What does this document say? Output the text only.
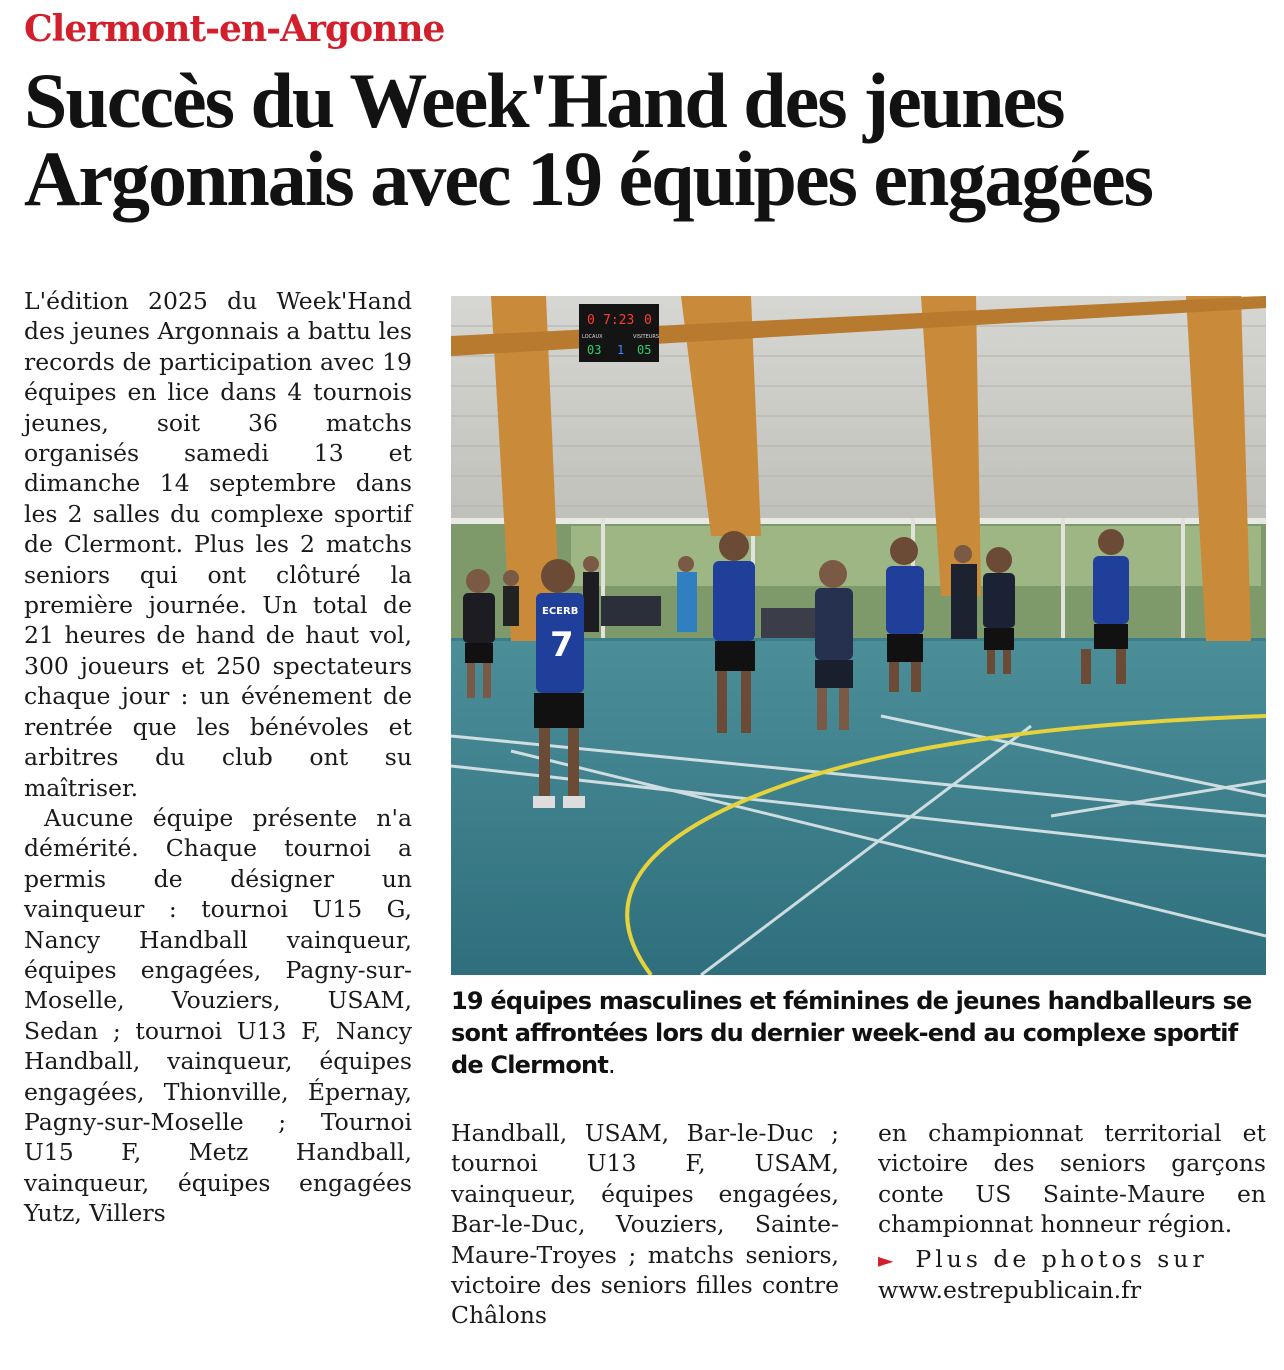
Clermont-en-Argonne
Succès du Week'Hand des jeunes
Argonnais avec 19 équipes engagées

L'édition 2025 du Week'Hand des jeunes Argonnais a battu les records de participation avec 19 équipes en lice dans 4 tournois jeunes, soit 36 matchs organisés samedi 13 et dimanche 14 septembre dans les 2 salles du complexe sportif de Clermont. Plus les 2 matchs seniors qui ont clôturé la première journée. Un total de 21 heures de hand de haut vol, 300 joueurs et 250 spectateurs chaque jour : un événement de rentrée que les bénévoles et arbitres du club ont su maîtriser.

Aucune équipe présente n'a démérité. Chaque tournoi a permis de désigner un vainqueur : tournoi U15 G, Nancy Handball vainqueur, équipes engagées, Pagny-sur-Moselle, Vouziers, USAM, Sedan ; tournoi U13 F, Nancy Handball, vainqueur, équipes engagées, Thionville, Épernay, Pagny-sur-Moselle ; Tournoi U15 F, Metz Handball, vainqueur, équipes engagées Yutz, Villers

0 7:23 0
LOCAUX	VISITEURS
03 1 05
ECERB
7
19 équipes masculines et féminines de jeunes handballeurs se sont affrontées lors du dernier week-end au complexe sportif de Clermont.

Handball, USAM, Bar-le-Duc ; tournoi U13 F, USAM, vainqueur, équipes engagées, Bar-le-Duc, Vouziers, Sainte-Maure-Troyes ; matchs seniors, victoire des seniors filles contre Châlons

en championnat territorial et victoire des seniors garçons conte US Sainte-Maure en championnat honneur région.

► Plus de photos sur

www.estrepublicain.fr
